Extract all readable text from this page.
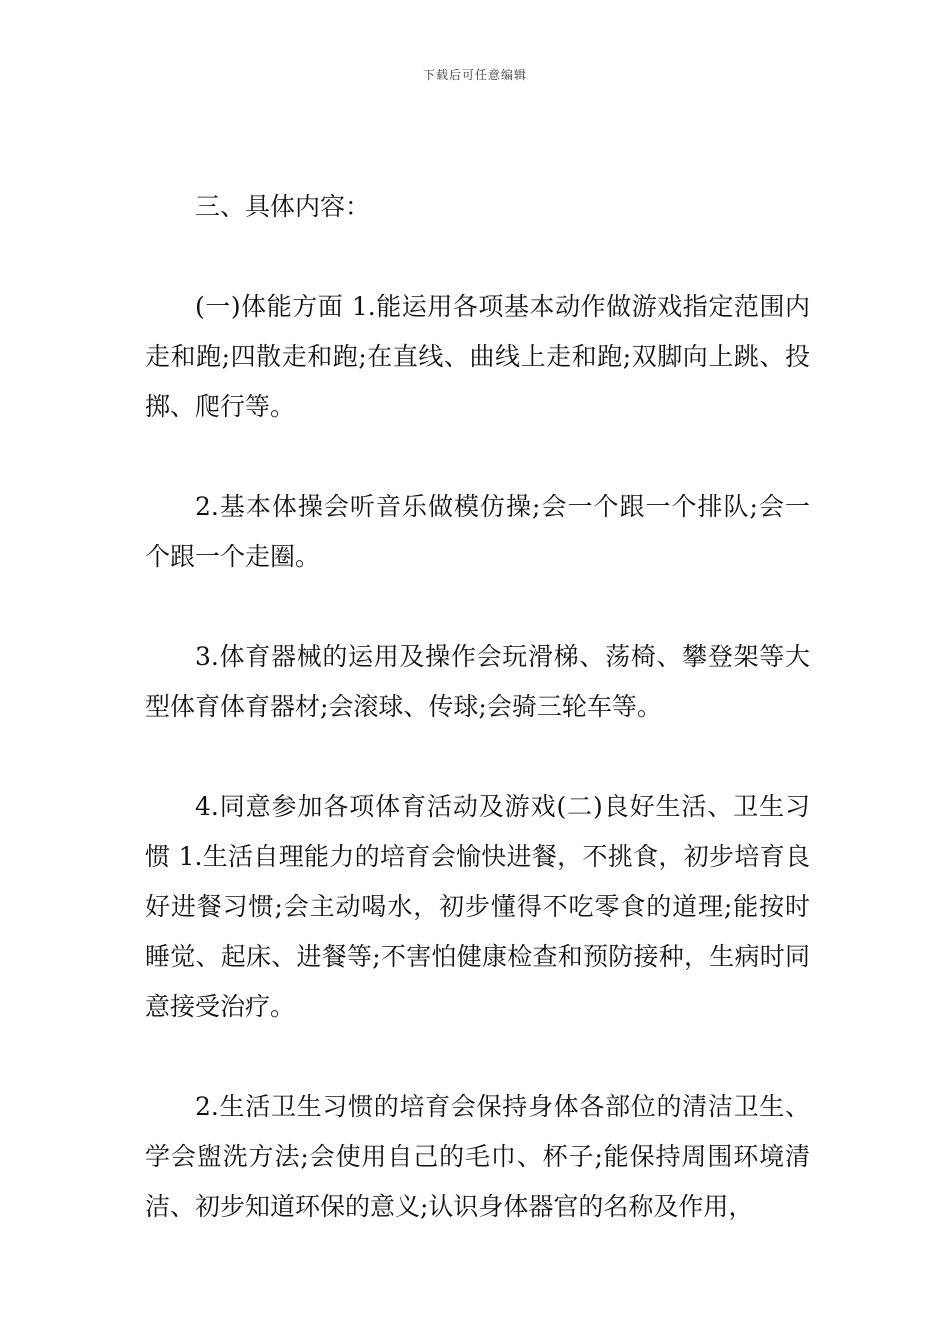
下载后可任意编辑

三、具体内容：

(一)体能方面 1.能运用各项基本动作做游戏指定范围内走和跑;四散走和跑;在直线、曲线上走和跑;双脚向上跳、投掷、爬行等。

2.基本体操会听音乐做模仿操;会一个跟一个排队;会一个跟一个走圈。

3.体育器械的运用及操作会玩滑梯、荡椅、攀登架等大型体育体育器材;会滚球、传球;会骑三轮车等。

4.同意参加各项体育活动及游戏(二)良好生活、卫生习惯 1.生活自理能力的培育会愉快进餐，不挑食，初步培育良好进餐习惯;会主动喝水，初步懂得不吃零食的道理;能按时睡觉、起床、进餐等;不害怕健康检查和预防接种，生病时同意接受治疗。

2.生活卫生习惯的培育会保持身体各部位的清洁卫生、学会盥洗方法;会使用自己的毛巾、杯子;能保持周围环境清洁、初步知道环保的意义;认识身体器官的名称及作用，
